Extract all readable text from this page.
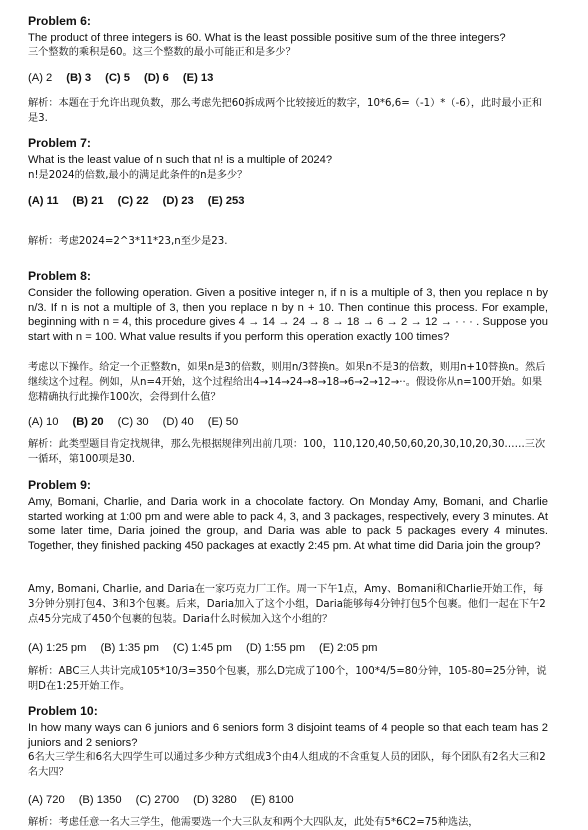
Problem 6:
The product of three integers is 60. What is the least possible positive sum of the three integers?
三个整数的乘积是60。这三个整数的最小可能正和是多少？
(A) 2 (B) 3 (C) 5 (D) 6 (E) 13
解析：本题在于允许出现负数，那么考虑先把60拆成两个比较接近的数字，10*6,6=（-1）*（-6），此时最小正和是3.
Problem 7:
What is the least value of n such that n! is a multiple of 2024?
n!是2024的倍数,最小的满足此条件的n是多少？
(A) 11 (B) 21 (C) 22 (D) 23 (E) 253
解析：考虑2024=2^3*11*23,n至少是23.
Problem 8:
Consider the following operation. Given a positive integer n, if n is a multiple of 3, then you replace n by n/3. If n is not a multiple of 3, then you replace n by n + 10. Then continue this process. For example, beginning with n = 4, this procedure gives 4 → 14 → 24 → 8 → 18 → 6 → 2 → 12 → · · · . Suppose you start with n = 100. What value results if you perform this operation exactly 100 times?
考虑以下操作。给定一个正整数n，如果n是3的倍数，则用n/3替换n。如果n不是3的倍数，则用n+10替换n。然后继续这个过程。例如，从n=4开始，这个过程给出4→14→24→8→18→6→2→12→··。假设你从n=100开始。如果您精确执行此操作100次，会得到什么值？
(A) 10 (B) 20 (C) 30 (D) 40 (E) 50
解析：此类型题目肯定找规律，那么先根据规律列出前几项：100，110,120,40,50,60,20,30,10,20,30……三次一循环，第100项是30.
Problem 9:
Amy, Bomani, Charlie, and Daria work in a chocolate factory. On Monday Amy, Bomani, and Charlie started working at 1:00 pm and were able to pack 4, 3, and 3 packages, respectively, every 3 minutes. At some later time, Daria joined the group, and Daria was able to pack 5 packages every 4 minutes. Together, they finished packing 450 packages at exactly 2:45 pm. At what time did Daria join the group?
Amy, Bomani, Charlie, and Daria在一家巧克力厂工作。周一下午1点，Amy、Bomani和Charlie开始工作，每3分钟分别打包4、3和3个包裹。后来，Daria加入了这个小组，Daria能够每4分钟打包5个包裹。他们一起在下午2点45分完成了450个包裹的包装。Daria什么时候加入这个小组的？
(A) 1:25 pm (B) 1:35 pm (C) 1:45 pm (D) 1:55 pm (E) 2:05 pm
解析：ABC三人共计完成105*10/3=350个包裹，那么D完成了100个，100*4/5=80分钟，105-80=25分钟，说明D在1:25开始工作。
Problem 10:
In how many ways can 6 juniors and 6 seniors form 3 disjoint teams of 4 people so that each team has 2 juniors and 2 seniors?
6名大三学生和6名大四学生可以通过多少种方式组成3个由4人组成的不含重复人员的团队，每个团队有2名大三和2名大四？
(A) 720 (B) 1350 (C) 2700 (D) 3280 (E) 8100
解析：考虑任意一名大三学生，他需要选一个大三队友和两个大四队友，此处有5*6C2=75种选法，
